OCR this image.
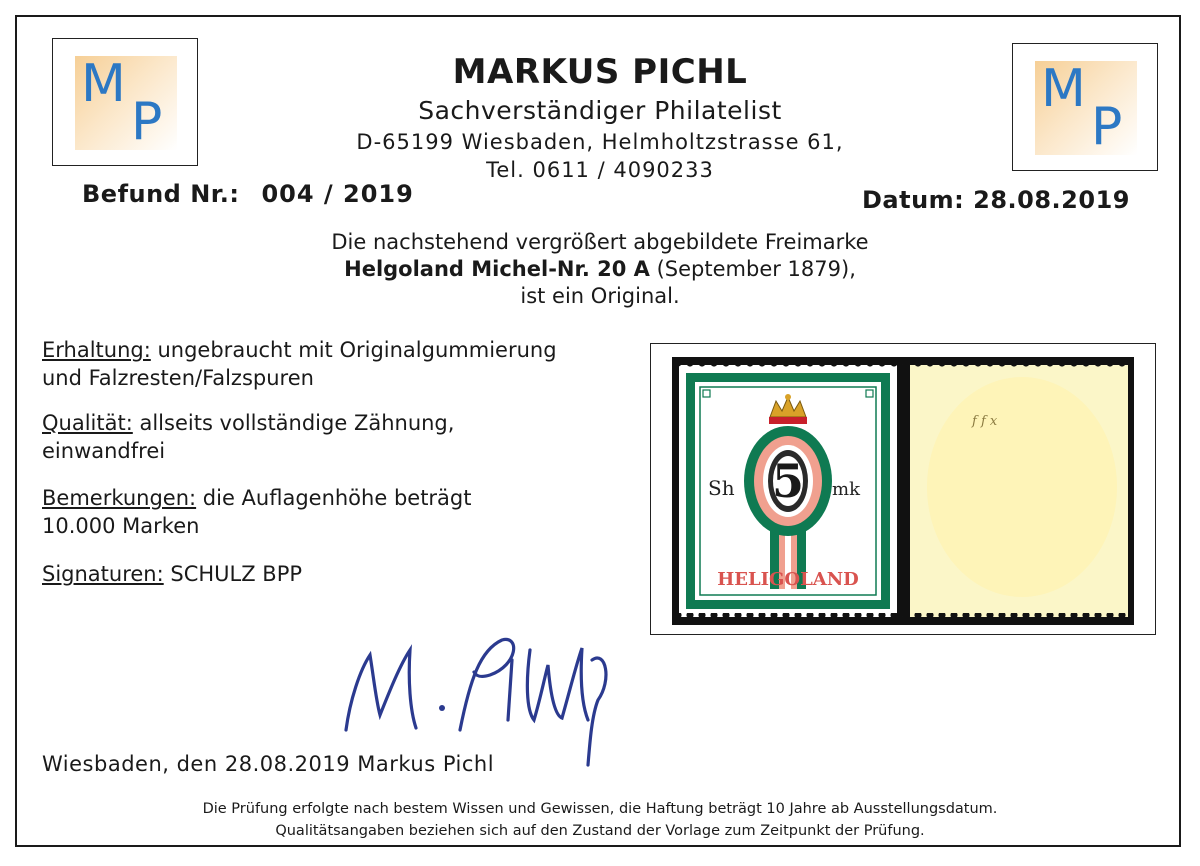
M
P
M
P
MARKUS PICHL
Sachverständiger Philatelist
D-65199 Wiesbaden, Helmholtzstrasse 61,
Tel. 0611 / 4090233
Befund Nr.: 004 / 2019	Datum: 28.08.2019
Die nachstehend vergrößert abgebildete Freimarke
Helgoland Michel-Nr. 20 A (September 1879),
ist ein Original.
Erhaltung: ungebraucht mit Originalgummierung
und Falzresten/Falzspuren
Qualität: allseits vollständige Zähnung,
einwandfrei
Bemerkungen: die Auflagenhöhe beträgt
10.000 Marken
Signaturen: SCHULZ BPP
5
Sh	mk
HELIGOLAND
f f x
Wiesbaden, den 28.08.2019 Markus Pichl
Die Prüfung erfolgte nach bestem Wissen und Gewissen, die Haftung beträgt 10 Jahre ab Ausstellungsdatum.
Qualitätsangaben beziehen sich auf den Zustand der Vorlage zum Zeitpunkt der Prüfung.
